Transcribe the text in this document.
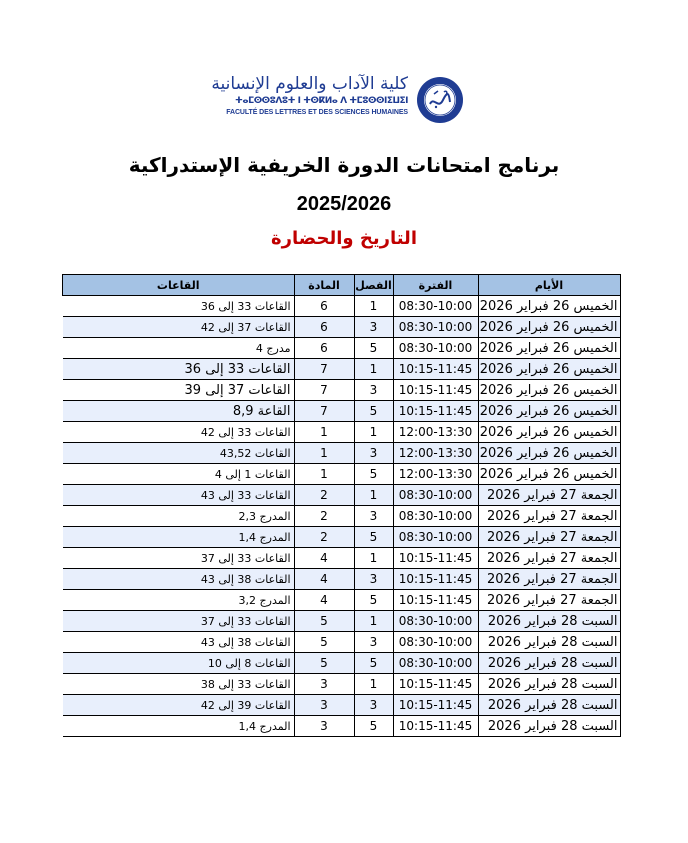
كلية الآداب والعلوم الإنسانية
ⵜⴰⵎⵙⵙⵓⴷⵓⵜ ⵏ ⵜⵙⴽⵍⴰ ⴷ ⵜⵎⵓⵙⵙⵏⵉⵡⵉⵏ
FACULTÉ DES LETTRES ET DES SCIENCES HUMAINES
برنامج امتحانات الدورة الخريفية الإستدراكية
2025/2026
التاريخ والحضارة
الأيام	الفترة	الفصل	المادة	القاعات
الخميس 26 فبراير 2026	08:30-10:00	1	6	القاعات 33 إلى 36
الخميس 26 فبراير 2026	08:30-10:00	3	6	القاعات 37 إلى 42
الخميس 26 فبراير 2026	08:30-10:00	5	6	مدرج 4
الخميس 26 فبراير 2026	10:15-11:45	1	7	القاعات 33 إلى 36
الخميس 26 فبراير 2026	10:15-11:45	3	7	القاعات 37 إلى 39
الخميس 26 فبراير 2026	10:15-11:45	5	7	القاعة 8,9
الخميس 26 فبراير 2026	12:00-13:30	1	1	القاعات 33 إلى 42
الخميس 26 فبراير 2026	12:00-13:30	3	1	القاعات 43,52
الخميس 26 فبراير 2026	12:00-13:30	5	1	القاعات 1 إلى 4
الجمعة 27 فبراير 2026	08:30-10:00	1	2	القاعات 33 إلى 43
الجمعة 27 فبراير 2026	08:30-10:00	3	2	المدرج 2,3
الجمعة 27 فبراير 2026	08:30-10:00	5	2	المدرج 1,4
الجمعة 27 فبراير 2026	10:15-11:45	1	4	القاعات 33 إلى 37
الجمعة 27 فبراير 2026	10:15-11:45	3	4	القاعات 38 إلى 43
الجمعة 27 فبراير 2026	10:15-11:45	5	4	المدرج 3,2
السبت 28 فبراير 2026	08:30-10:00	1	5	القاعات 33 إلى 37
السبت 28 فبراير 2026	08:30-10:00	3	5	القاعات 38 إلى 43
السبت 28 فبراير 2026	08:30-10:00	5	5	القاعات 8 إلى 10
السبت 28 فبراير 2026	10:15-11:45	1	3	القاعات 33 إلى 38
السبت 28 فبراير 2026	10:15-11:45	3	3	القاعات 39 إلى 42
السبت 28 فبراير 2026	10:15-11:45	5	3	المدرج 1,4
